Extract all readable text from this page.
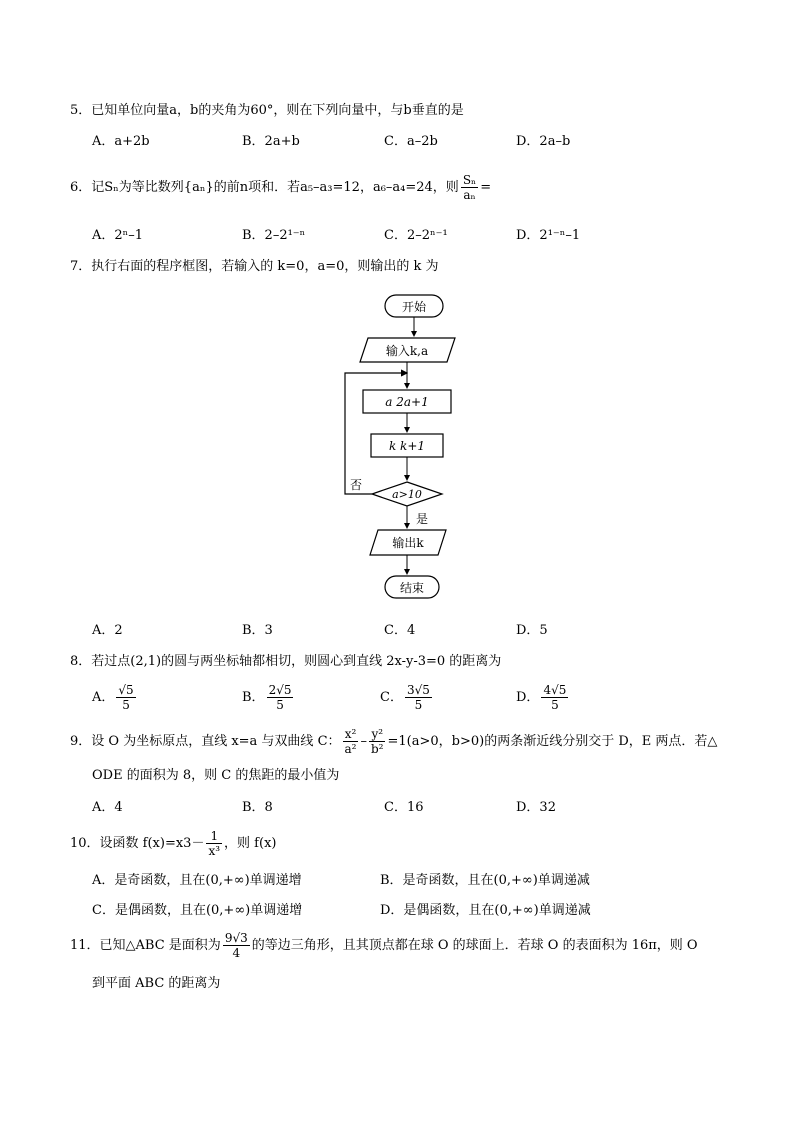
5．已知单位向量a，b的夹角为60°，则在下列向量中，与b垂直的是
A．a+2b	B．2a+b	C．a–2b	D．2a–b
6．记Sₙ为等比数列{aₙ}的前n项和．若a₅–a₃=12，a₆–a₄=24，则 $\frac{\text{Sₙ}}{\text{aₙ}}$ =
A．2ⁿ–1	B．2–2¹⁻ⁿ	C．2–2ⁿ⁻¹	D．2¹⁻ⁿ–1
7．执行右面的程序框图，若输入的 k=0，a=0，则输出的 k 为
开始
输入k,a
a 2a+1
k k+1
a>10
否
是
输出k
结束
A．2	B．3	C．4	D．5
8．若过点(2,1)的圆与两坐标轴都相切，则圆心到直线 2x-y-3=0 的距离为
A． $\frac{√5}{5}$	B． $\frac{2√5}{5}$	C． $\frac{3√5}{5}$	D． $\frac{4√5}{5}$
9．设 O 为坐标原点，直线 x=a 与双曲线 C： $\frac{\text{x²}}{\text{a²}} - \frac{\text{y²}}{\text{b²}} =1(a>0$，b>0)的两条渐近线分别交于 D，E 两点．若△
ODE 的面积为 8，则 C 的焦距的最小值为
A．4	B．8	C．16	D．32
10．设函数 $f(x)=x3- \frac{1}{\text{x³}}$ ，则 f(x)
A．是奇函数，且在(0,+∞)单调递增	B．是奇函数，且在(0,+∞)单调递减
C．是偶函数，且在(0,+∞)单调递增	D．是偶函数，且在(0,+∞)单调递减
11．已知△ABC 是面积为 $\frac{9√3}{4}$ 的等边三角形，且其顶点都在球 O 的球面上．若球 O 的表面积为 16π，则 O
到平面 ABC 的距离为
